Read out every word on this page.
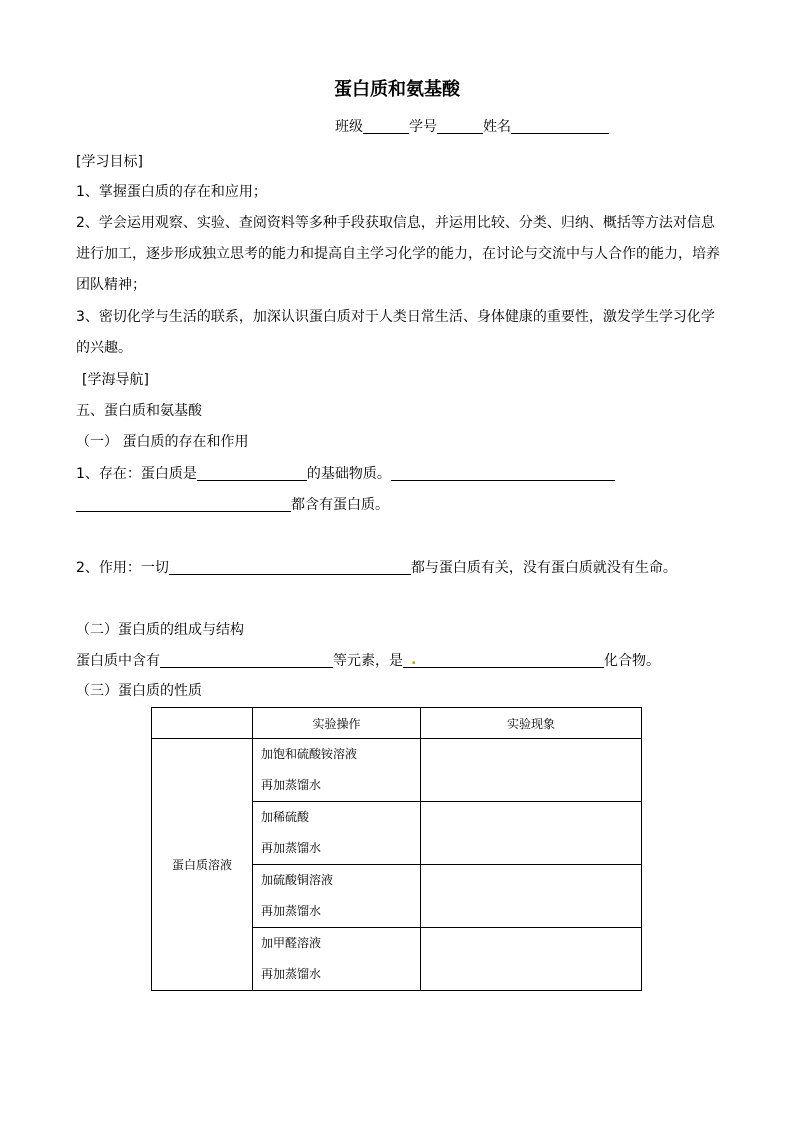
蛋白质和氨基酸
班级	学号	姓名
[学习目标]
1、掌握蛋白质的存在和应用；
2、学会运用观察、实验、查阅资料等多种手段获取信息，并运用比较、分类、归纳、概括等方法对信息
进行加工，逐步形成独立思考的能力和提高自主学习化学的能力，在讨论与交流中与人合作的能力，培养
团队精神；
3、密切化学与生活的联系，加深认识蛋白质对于人类日常生活、身体健康的重要性，激发学生学习化学
的兴趣。
[学海导航]
五、蛋白质和氨基酸
（一） 蛋白质的存在和作用
1、存在：蛋白质是	的基础物质。
都含有蛋白质。
2、作用：一切	都与蛋白质有关，没有蛋白质就没有生命。
（二）蛋白质的组成与结构
蛋白质中含有	等元素，是 .	化合物。
（三）蛋白质的性质
	实验操作	实验现象
蛋白质溶液	加饱和硫酸铵溶液
再加蒸馏水	

	加稀硫酸
再加蒸馏水	

	加硫酸铜溶液
再加蒸馏水	

	加甲醛溶液
再加蒸馏水	
